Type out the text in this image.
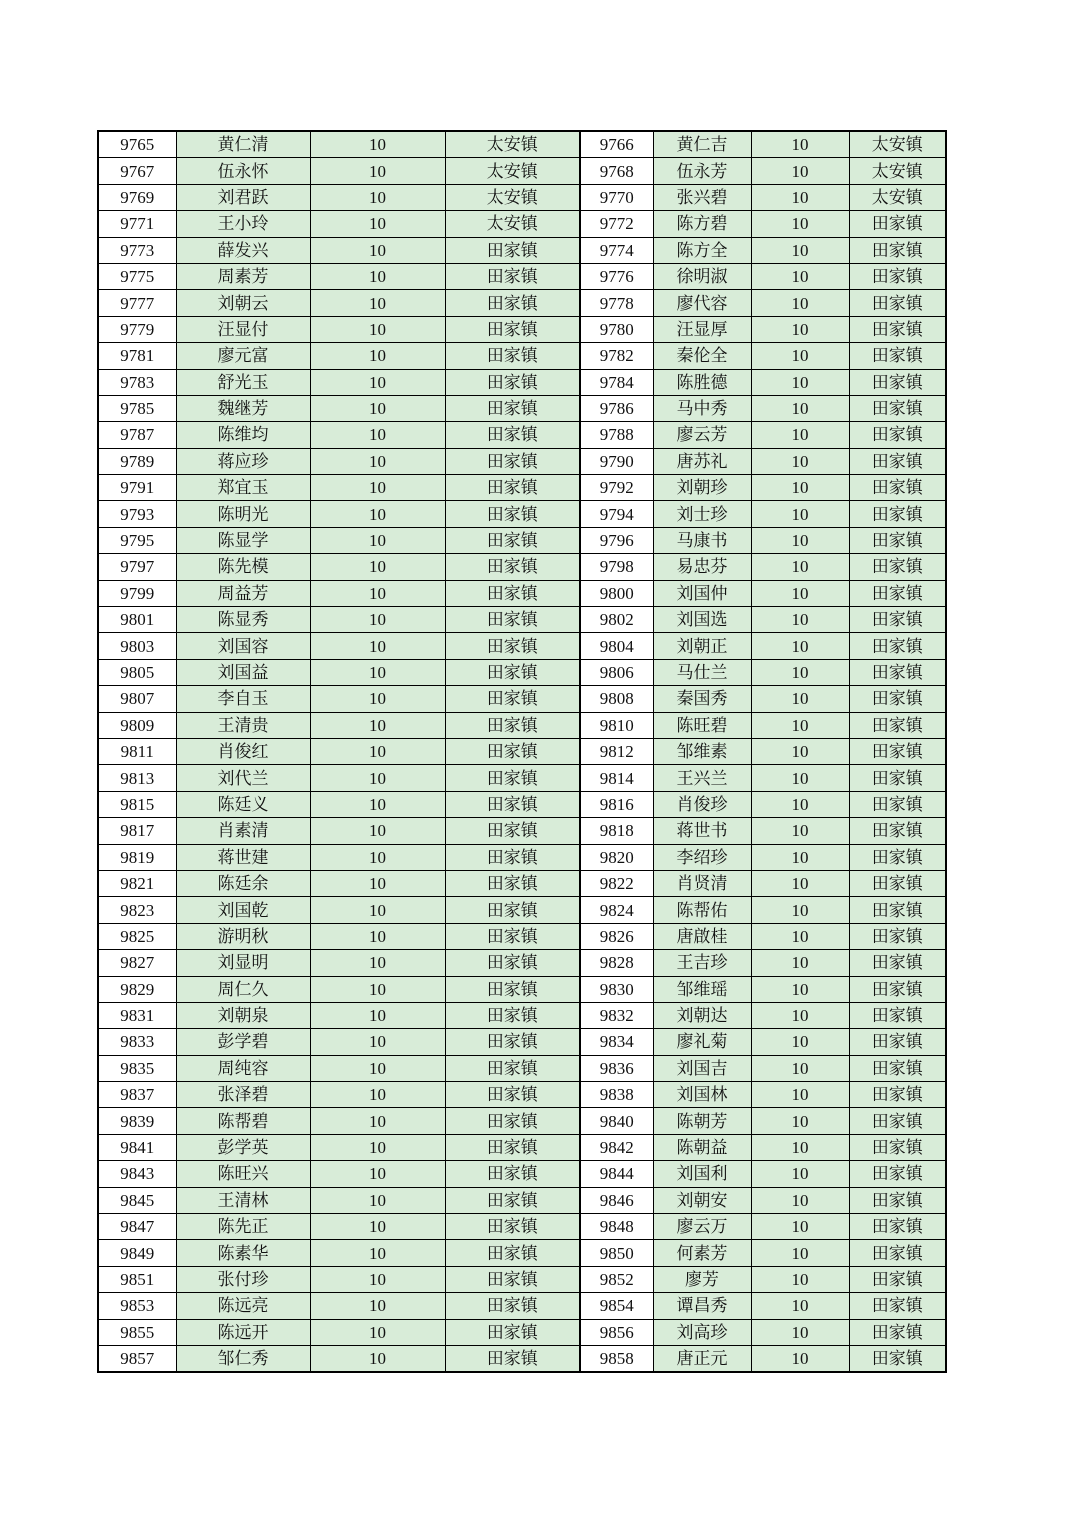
9765	黄仁清	10	太安镇	9766	黄仁吉	10	太安镇
9767	伍永怀	10	太安镇	9768	伍永芳	10	太安镇
9769	刘君跃	10	太安镇	9770	张兴碧	10	太安镇
9771	王小玲	10	太安镇	9772	陈方碧	10	田家镇
9773	薛发兴	10	田家镇	9774	陈方全	10	田家镇
9775	周素芳	10	田家镇	9776	徐明淑	10	田家镇
9777	刘朝云	10	田家镇	9778	廖代容	10	田家镇
9779	汪显付	10	田家镇	9780	汪显厚	10	田家镇
9781	廖元富	10	田家镇	9782	秦伦全	10	田家镇
9783	舒光玉	10	田家镇	9784	陈胜德	10	田家镇
9785	魏继芳	10	田家镇	9786	马中秀	10	田家镇
9787	陈维均	10	田家镇	9788	廖云芳	10	田家镇
9789	蒋应珍	10	田家镇	9790	唐苏礼	10	田家镇
9791	郑宜玉	10	田家镇	9792	刘朝珍	10	田家镇
9793	陈明光	10	田家镇	9794	刘士珍	10	田家镇
9795	陈显学	10	田家镇	9796	马康书	10	田家镇
9797	陈先模	10	田家镇	9798	易忠芬	10	田家镇
9799	周益芳	10	田家镇	9800	刘国仲	10	田家镇
9801	陈显秀	10	田家镇	9802	刘国选	10	田家镇
9803	刘国容	10	田家镇	9804	刘朝正	10	田家镇
9805	刘国益	10	田家镇	9806	马仕兰	10	田家镇
9807	李自玉	10	田家镇	9808	秦国秀	10	田家镇
9809	王清贵	10	田家镇	9810	陈旺碧	10	田家镇
9811	肖俊红	10	田家镇	9812	邹维素	10	田家镇
9813	刘代兰	10	田家镇	9814	王兴兰	10	田家镇
9815	陈廷义	10	田家镇	9816	肖俊珍	10	田家镇
9817	肖素清	10	田家镇	9818	蒋世书	10	田家镇
9819	蒋世建	10	田家镇	9820	李绍珍	10	田家镇
9821	陈廷余	10	田家镇	9822	肖贤清	10	田家镇
9823	刘国乾	10	田家镇	9824	陈帮佑	10	田家镇
9825	游明秋	10	田家镇	9826	唐啟桂	10	田家镇
9827	刘显明	10	田家镇	9828	王吉珍	10	田家镇
9829	周仁久	10	田家镇	9830	邹维瑶	10	田家镇
9831	刘朝泉	10	田家镇	9832	刘朝达	10	田家镇
9833	彭学碧	10	田家镇	9834	廖礼菊	10	田家镇
9835	周纯容	10	田家镇	9836	刘国吉	10	田家镇
9837	张泽碧	10	田家镇	9838	刘国林	10	田家镇
9839	陈帮碧	10	田家镇	9840	陈朝芳	10	田家镇
9841	彭学英	10	田家镇	9842	陈朝益	10	田家镇
9843	陈旺兴	10	田家镇	9844	刘国利	10	田家镇
9845	王清林	10	田家镇	9846	刘朝安	10	田家镇
9847	陈先正	10	田家镇	9848	廖云万	10	田家镇
9849	陈素华	10	田家镇	9850	何素芳	10	田家镇
9851	张付珍	10	田家镇	9852	廖芳	10	田家镇
9853	陈远亮	10	田家镇	9854	谭昌秀	10	田家镇
9855	陈远开	10	田家镇	9856	刘高珍	10	田家镇
9857	邹仁秀	10	田家镇	9858	唐正元	10	田家镇
